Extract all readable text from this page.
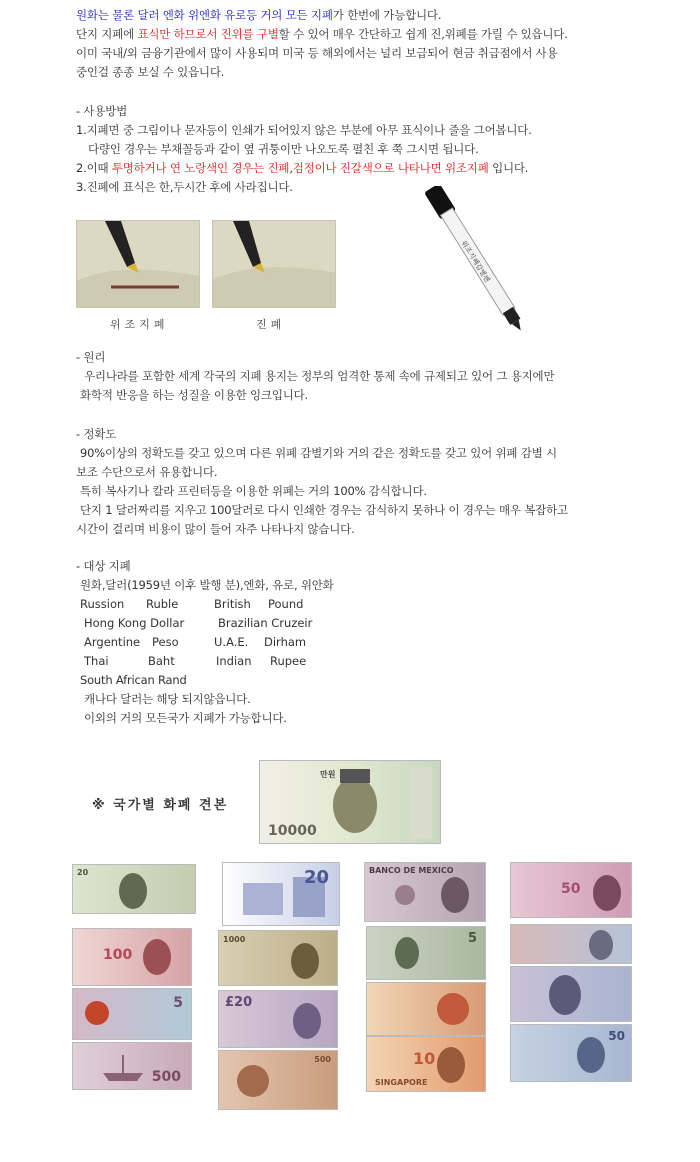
원화는 물론 달러 엔화 위엔화 유로등 거의 모든 지폐가 한번에 가능합니다.
단지 지폐에 표식만 하므로서 진위를 구별할 수 있어 매우 간단하고 쉽게 진,위폐를 가릴 수 있읍니다.
이미 국내/외 금융기관에서 많이 사용되며 미국 등 해외에서는 널리 보급되어 현금 취급점에서 사용
중인걸 종종 보실 수 있읍니다.
- 사용방법
1.지폐면 중 그림이나 문자등이 인쇄가 되어있지 않은 부분에 아무 표식이나 줄을 그어봅니다.
다량인 경우는 부채꼴등과 같이 옆 귀퉁이만 나오도록 펼친 후 쭉 그시면 됩니다.
2.이때 투명하거나 연 노랑색인 경우는 진폐,검정이나 진갈색으로 나타나면 위조지폐 입니다.
3.진폐에 표식은 한,두시간 후에 사라집니다.
위조지폐	진폐
위조지폐감별펜
- 원리
우리나라를 포함한 세계 각국의 지폐 용지는 정부의 엄격한 통제 속에 규제되고 있어 그 용지에만
화학적 반응을 하는 성질을 이용한 잉크입니다.
- 정확도
90%이상의 정확도를 갖고 있으며 다른 위폐 감별기와 거의 같은 정확도를 갖고 있어 위폐 감별 시
보조 수단으로서 유용합니다.
특히 복사기나 칼라 프린터등을 이용한 위폐는 거의 100% 감식합니다.
단지 1 달러짜리를 지우고 100달러로 다시 인쇄한 경우는 감식하지 못하나 이 경우는 매우 복잡하고
시간이 걸리며 비용이 많이 들어 자주 나타나지 않습니다.
- 대상 지폐
원화,달러(1959년 이후 발행 분),엔화, 유로, 위안화
Russion Ruble	British Pound
Hong Kong Dollar	Brazilian Cruzeir
Argentine Peso	U.A.E. Dirham
Thai	Baht	Indian Rupee
South African Rand
캐나다 달러는 해당 되지않읍니다.
이외의 거의 모든국가 지폐가 가능합니다.
※ 국가별 화폐 견본
10000
만원
20
100
5
500
20
1000
£20
500
BANCO DE MEXICO
5
10
SINGAPORE
50
50
